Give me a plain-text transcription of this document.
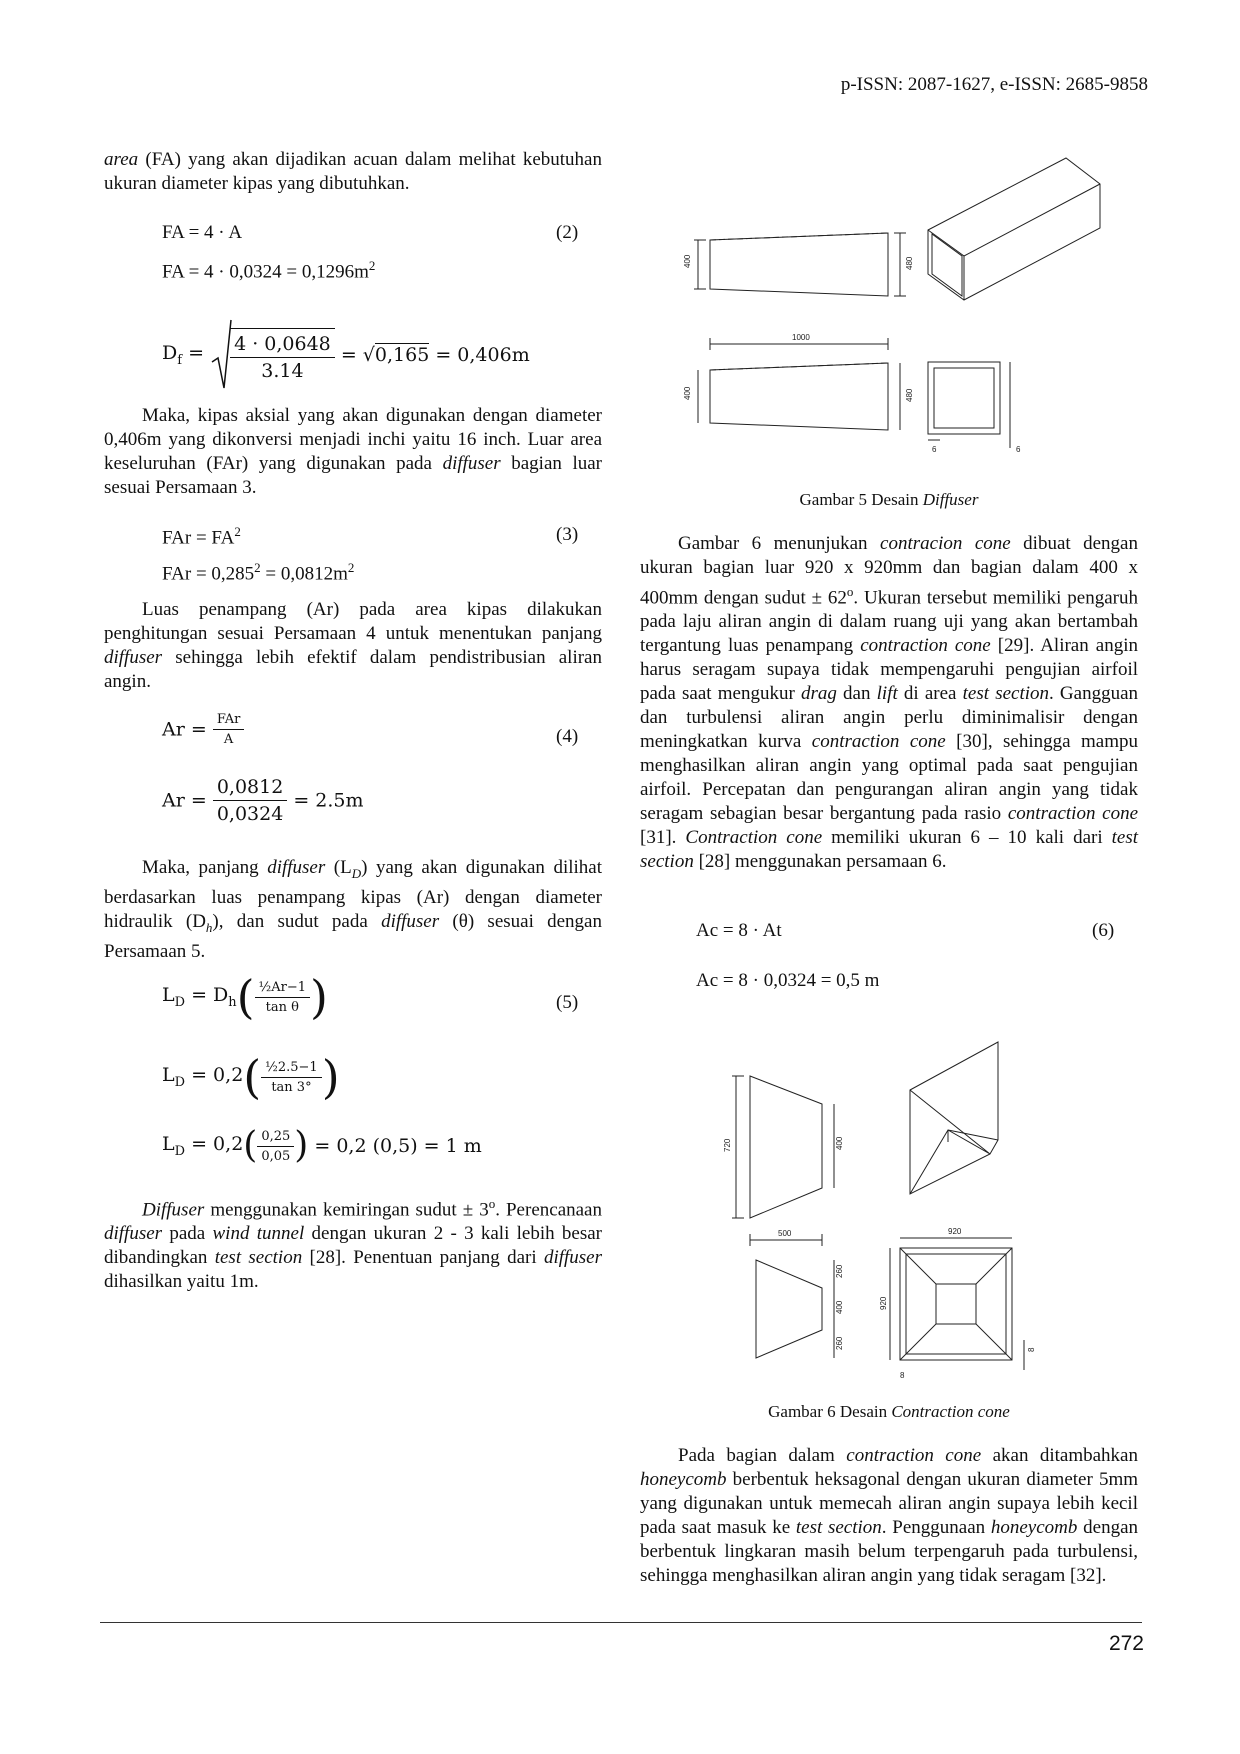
p-ISSN: 2087-1627, e-ISSN: 2685-9858

area (FA) yang akan dijadikan acuan dalam melihat kebutuhan ukuran diameter kipas yang dibutuhkan.

FA = 4 · A	(2)
FA = $4 \cdot 0,0324 = 0,1296m^2$
$D_f = \frac{4 \cdot 0,0648}{3.14} = √0,165 = 0,406m$

Maka, kipas aksial yang akan digunakan dengan diameter 0,406m yang dikonversi menjadi inchi yaitu 16 inch. Luar area keseluruhan (FAr) yang digunakan pada diffuser bagian luar sesuai Persamaan 3.

FAr = $FA^2$	(3)
FAr = $0,285^2 = 0,0812m^2$

Luas penampang (Ar) pada area kipas dilakukan penghitungan sesuai Persamaan 4 untuk menentukan panjang diffuser sehingga lebih efektif dalam pendistribusian aliran angin.

$Ar = \frac{\text{FAr}}{A}$	(4)
$Ar = \frac{0,0812}{0,0324} = 2.5m$

Maka, panjang diffuser $(L_D)$ yang akan digunakan dilihat berdasarkan luas penampang kipas (Ar) dengan diameter hidraulik $(D_h)$, dan sudut pada diffuser (θ) sesuai dengan Persamaan 5.

$L_D = D_h( \frac{\text{½Ar−1}}{\text{tan θ}}$ )	(5)
$L_D = 0,2( \frac{\text{½2.5−1}}{\tan 3^\circ}$ )
$L_D = 0,2( \frac{0,25}{0,05}$ ) = 0,2 (0,5) = 1 m

Diffuser menggunakan kemiringan sudut ± $3^o$. Perencanaan diffuser pada wind tunnel dengan ukuran 2 - 3 kali lebih besar dibandingkan test section [28]. Penentuan panjang dari diffuser dihasilkan yaitu 1m.

400	480
1000
400	480
6	6
Gambar 5 Desain Diffuser

Gambar 6 menunjukan contracion cone dibuat dengan ukuran bagian luar 920 x 920mm dan bagian dalam 400 x 400mm dengan sudut ± $62^o$. Ukuran tersebut memiliki pengaruh pada laju aliran angin di dalam ruang uji yang akan bertambah tergantung luas penampang contraction cone [29]. Aliran angin harus seragam supaya tidak mempengaruhi pengujian airfoil pada saat mengukur drag dan lift di area test section. Gangguan dan turbulensi aliran angin perlu diminimalisir dengan meningkatkan kurva contraction cone [30], sehingga mampu menghasilkan aliran angin yang optimal pada saat pengujian airfoil. Percepatan dan pengurangan aliran angin yang tidak seragam sebagian besar bergantung pada rasio contraction cone [31]. Contraction cone memiliki ukuran 6 – 10 kali dari test section [28] menggunakan persamaan 6.

Ac = 8 · At	(6)
Ac = 8 · 0,0324 = 0,5 m
720	400
500	920
260
400
260
920
8
8
Gambar 6 Desain Contraction cone

Pada bagian dalam contraction cone akan ditambahkan honeycomb berbentuk heksagonal dengan ukuran diameter 5mm yang digunakan untuk memecah aliran angin supaya lebih kecil pada saat masuk ke test section. Penggunaan honeycomb dengan berbentuk lingkaran masih belum terpengaruh pada turbulensi, sehingga menghasilkan aliran angin yang tidak seragam [32].

272
